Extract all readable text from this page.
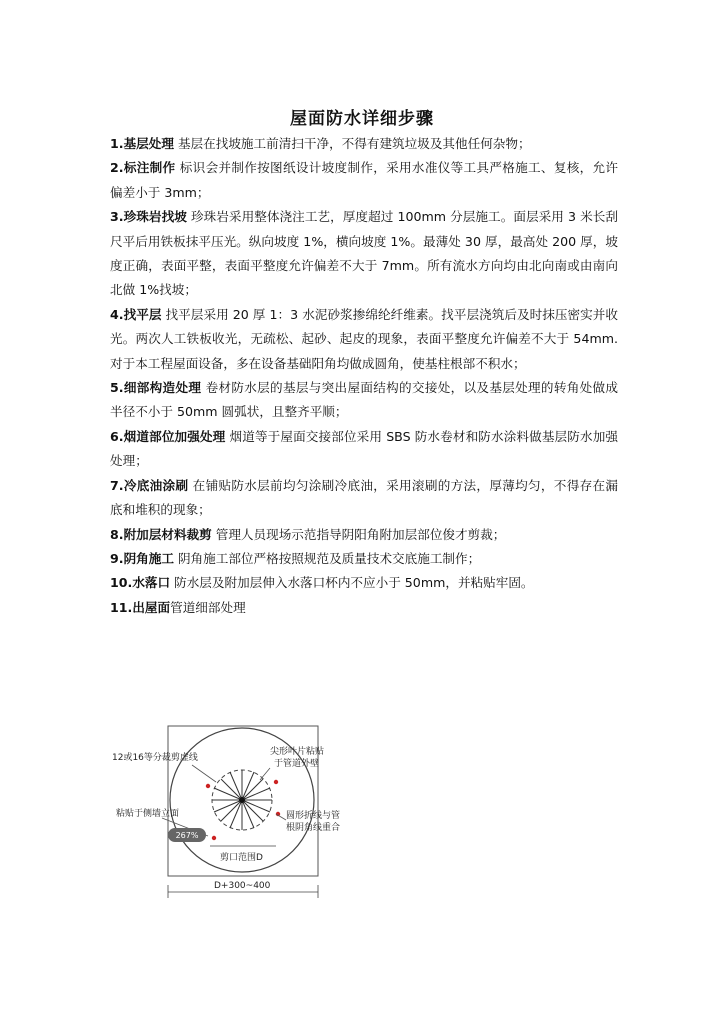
屋面防水详细步骤

1.基层处理 基层在找坡施工前清扫干净，不得有建筑垃圾及其他任何杂物；

2.标注制作 标识会并制作按图纸设计坡度制作，采用水准仪等工具严格施工、复核，允许偏差小于 3mm；

3.珍珠岩找坡 珍珠岩采用整体浇注工艺，厚度超过 100mm 分层施工。面层采用 3 米长刮尺平后用铁板抹平压光。纵向坡度 1%，横向坡度 1%。最薄处 30 厚，最高处 200 厚，坡度正确，表面平整，表面平整度允许偏差不大于 7mm。所有流水方向均由北向南或由南向北做 1%找坡；

4.找平层 找平层采用 20 厚 1：3 水泥砂浆掺绵纶纤维素。找平层浇筑后及时抹压密实并收光。两次人工铁板收光，无疏松、起砂、起皮的现象，表面平整度允许偏差不大于 54mm.对于本工程屋面设备，多在设备基础阳角均做成圆角，使基柱根部不积水；

5.细部构造处理 卷材防水层的基层与突出屋面结构的交接处，以及基层处理的转角处做成半径不小于 50mm 圆弧状，且整齐平顺；

6.烟道部位加强处理 烟道等于屋面交接部位采用 SBS 防水卷材和防水涂料做基层防水加强处理；

7.冷底油涂刷 在铺贴防水层前均匀涂刷冷底油，采用滚刷的方法，厚薄均匀，不得存在漏底和堆积的现象；

8.附加层材料裁剪 管理人员现场示范指导阴阳角附加层部位俊才剪裁；

9.阴角施工 阴角施工部位严格按照规范及质量技术交底施工制作；

10.水落口 防水层及附加层伸入水落口杯内不应小于 50mm，并粘贴牢固。

11.出屋面管道细部处理

12或16等分裁剪虚线
尖形叶片粘贴
于管道外壁
粘贴于侧墙立面	圆形折线与管
根阴角线重合
剪口范围D
D+300~400
267%
